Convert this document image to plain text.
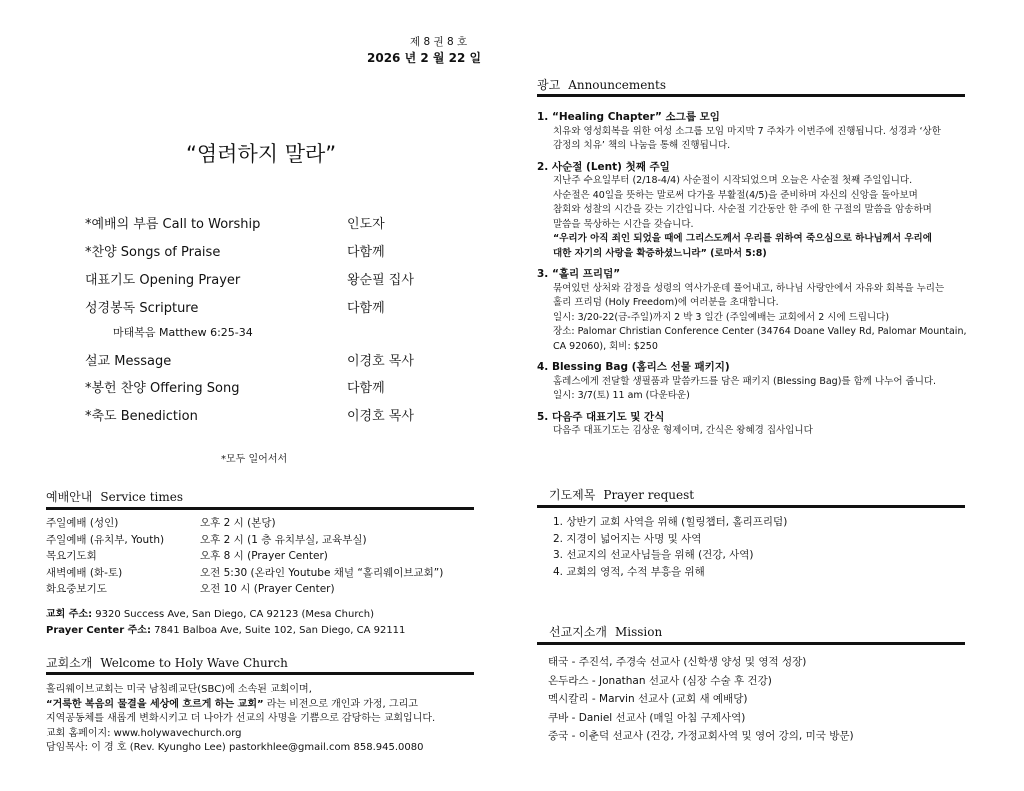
제 8 권 8 호
2026 년 2 월 22 일
“염려하지 말라”
*예배의 부름 Call to Worship	인도자
*찬양 Songs of Praise	다함께
대표기도 Opening Prayer	왕순필 집사
성경봉독 Scripture	다함께
마태복음 Matthew 6:25-34
설교 Message	이경호 목사
*봉헌 찬양 Offering Song	다함께
*축도 Benediction	이경호 목사
*모두 일어서서
예배안내 Service times
주일예배 (성인)	오후 2 시 (본당)
주일예배 (유치부, Youth)	오후 2 시 (1 층 유치부실, 교육부실)
목요기도회	오후 8 시 (Prayer Center)
새벽예배 (화-토)	오전 5:30 (온라인 Youtube 채널 “홀리웨이브교회”)
화요중보기도	오전 10 시 (Prayer Center)
교회 주소: 9320 Success Ave, San Diego, CA 92123 (Mesa Church)
Prayer Center 주소: 7841 Balboa Ave, Suite 102, San Diego, CA 92111
교회소개 Welcome to Holy Wave Church
홀리웨이브교회는 미국 남침례교단(SBC)에 소속된 교회이며,
“거룩한 복음의 물결을 세상에 흐르게 하는 교회” 라는 비전으로 개인과 가정, 그리고
지역공동체를 새롭게 변화시키고 더 나아가 선교의 사명을 기쁨으로 감당하는 교회입니다.
교회 홈페이지: www.holywavechurch.org
담임목사: 이 경 호 (Rev. Kyungho Lee) pastorkhlee@gmail.com 858.945.0080
광고 Announcements
1. “Healing Chapter” 소그룹 모임
치유와 영성회복을 위한 여성 소그룹 모임 마지막 7 주차가 이번주에 진행됩니다. 성경과 ‘상한
감정의 치유’ 책의 나눔을 통해 진행됩니다.
2. 사순절 (Lent) 첫째 주일
지난주 수요일부터 (2/18-4/4) 사순절이 시작되었으며 오늘은 사순절 첫째 주일입니다.
사순절은 40일을 뜻하는 말로써 다가올 부활절(4/5)을 준비하며 자신의 신앙을 돌아보며
참회와 성찰의 시간을 갖는 기간입니다. 사순절 기간동안 한 주에 한 구절의 말씀을 암송하며
말씀을 묵상하는 시간을 갖습니다.
“우리가 아직 죄인 되었을 때에 그리스도께서 우리를 위하여 죽으심으로 하나님께서 우리에
대한 자기의 사랑을 확증하셨느니라” (로마서 5:8)
3. “홀리 프리덤”
묶여있던 상처와 감정을 성령의 역사가운데 풀어내고, 하나님 사랑안에서 자유와 회복을 누리는
홀리 프리덤 (Holy Freedom)에 여러분을 초대합니다.
일시: 3/20-22(금-주일)까지 2 박 3 일간 (주일예배는 교회에서 2 시에 드립니다)
장소: Palomar Christian Conference Center (34764 Doane Valley Rd, Palomar Mountain,
CA 92060), 회비: $250
4. Blessing Bag (홈리스 선물 패키지)
홈레스에게 전달할 생필품과 말씀카드를 담은 패키지 (Blessing Bag)를 함께 나누어 줍니다.
일시: 3/7(토) 11 am (다운타운)
5. 다음주 대표기도 및 간식
다음주 대표기도는 김상운 형제이며, 간식은 왕혜경 집사입니다
기도제목 Prayer request
1. 상반기 교회 사역을 위해 (힐링챕터, 홀리프리덤)
2. 지경이 넓어지는 사명 및 사역
3. 선교지의 선교사님들을 위해 (건강, 사역)
4. 교회의 영적, 수적 부흥을 위해
선교지소개 Mission
태국 - 주진석, 주경숙 선교사 (신학생 양성 및 영적 성장)
온두라스 - Jonathan 선교사 (심장 수술 후 건강)
멕시칼리 - Marvin 선교사 (교회 새 예배당)
쿠바 - Daniel 선교사 (매일 아침 구제사역)
중국 - 이춘덕 선교사 (건강, 가정교회사역 및 영어 강의, 미국 방문)
